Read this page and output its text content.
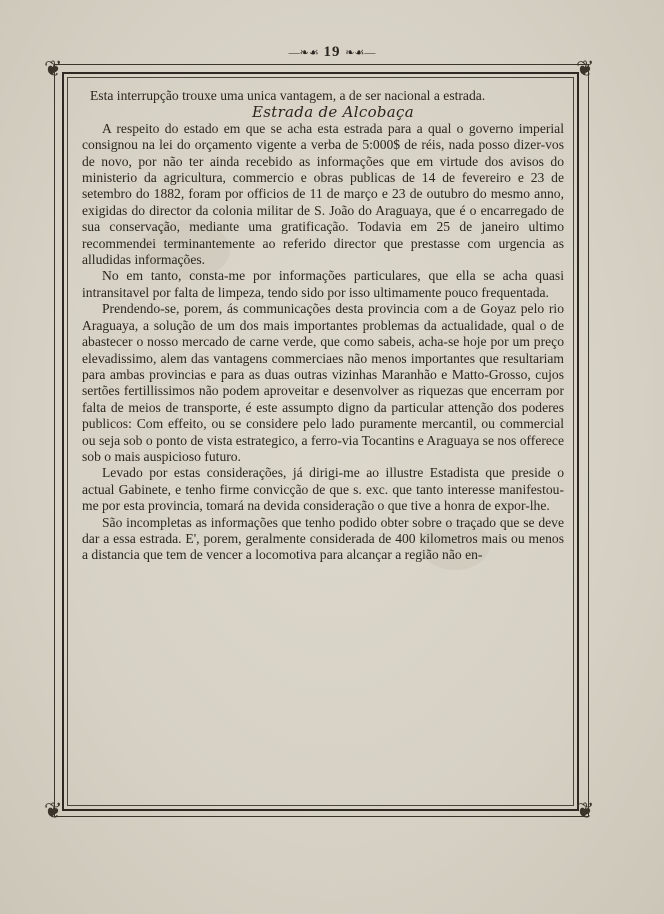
—❧☙ 19 ❧☙—
❦	❦
❦	❦

Esta interrupção trouxe uma unica vantagem, a de ser nacional a estrada.

Estrada de Alcobaça

A respeito do estado em que se acha esta estrada para a qual o governo imperial consignou na lei do orçamento vigente a verba de 5:000$ de réis, nada posso dizer-vos de novo, por não ter ainda recebido as informações que em virtude dos avisos do ministerio da agricultura, commercio e obras publicas de 14 de fevereiro e 23 de setembro do 1882, foram por officios de 11 de março e 23 de outubro do mesmo anno, exigidas do director da colonia militar de S. João do Araguaya, que é o encarregado de sua conservação, mediante uma gratificação. Todavia em 25 de janeiro ultimo recommendei terminantemente ao referido director que prestasse com urgencia as alludidas informações.

No em tanto, consta-me por informações particulares, que ella se acha quasi intransitavel por falta de limpeza, tendo sido por isso ultimamente pouco frequentada.

Prendendo-se, porem, ás communicações desta provincia com a de Goyaz pelo rio Araguaya, a solução de um dos mais importantes problemas da actualidade, qual o de abastecer o nosso mercado de carne verde, que como sabeis, acha-se hoje por um preço elevadissimo, alem das vantagens commerciaes não menos importantes que resultariam para ambas provincias e para as duas outras vizinhas Maranhão e Matto-Grosso, cujos sertões fertillissimos não podem aproveitar e desenvolver as riquezas que encerram por falta de meios de transporte, é este assumpto digno da particular attenção dos poderes publicos: Com effeito, ou se considere pelo lado puramente mercantil, ou commercial ou seja sob o ponto de vista estrategico, a ferro-via Tocantins e Araguaya se nos offerece sob o mais auspicioso futuro.

Levado por estas considerações, já dirigi-me ao illustre Estadista que preside o actual Gabinete, e tenho firme convicção de que s. exc. que tanto interesse manifestou-me por esta provincia, tomará na devida consideração o que tive a honra de expor-lhe.

São incompletas as informações que tenho podido obter sobre o traçado que se deve dar a essa estrada. E', porem, geralmente considerada de 400 kilometros mais ou menos a distancia que tem de vencer a locomotiva para alcançar a região não en-
